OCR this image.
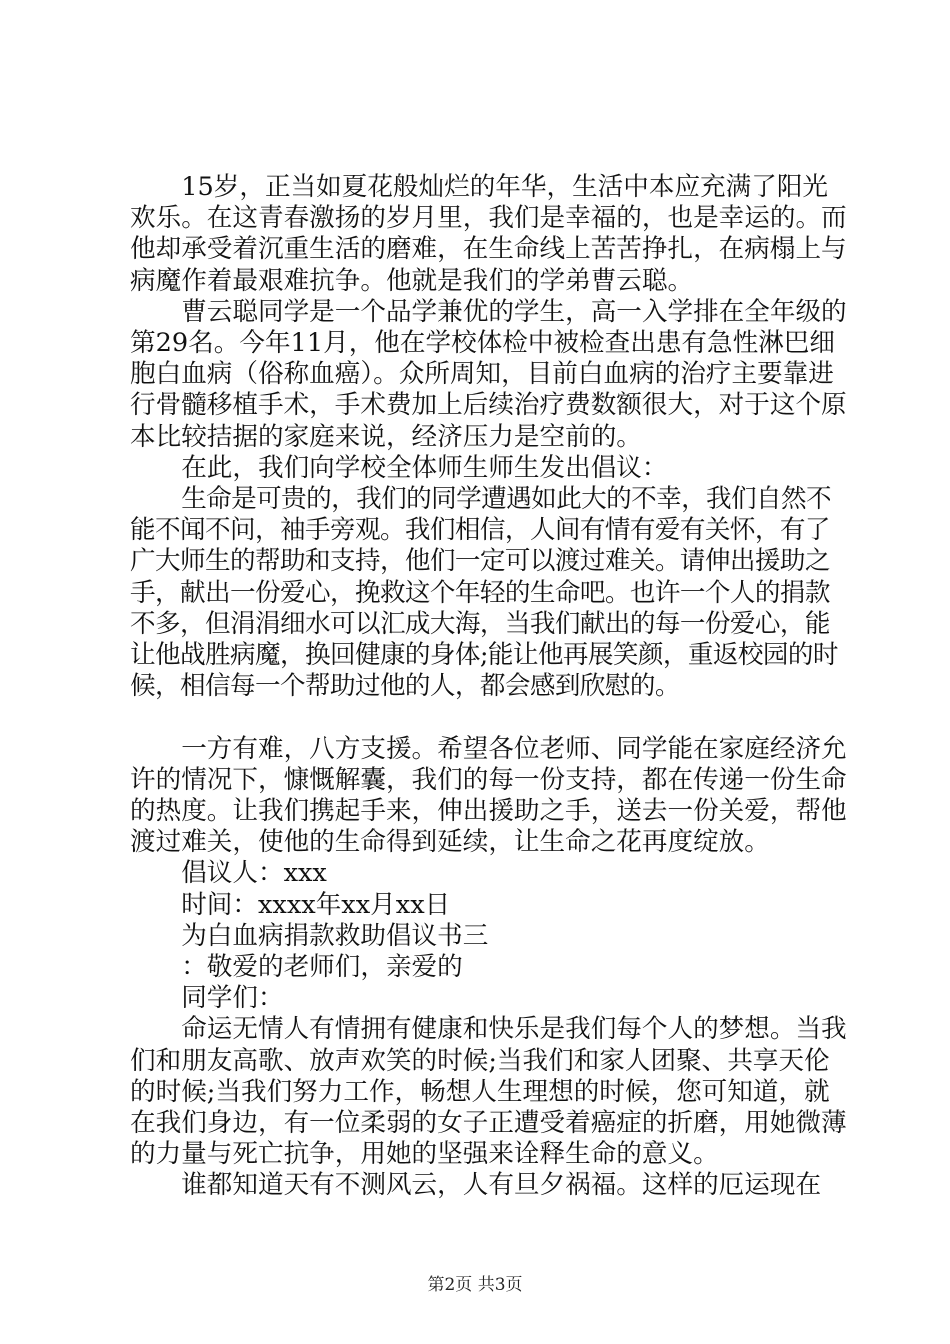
15岁，正当如夏花般灿烂的年华，生活中本应充满了阳光欢乐。在这青春激扬的岁月里，我们是幸福的，也是幸运的。而他却承受着沉重生活的磨难，在生命线上苦苦挣扎，在病榻上与病魔作着最艰难抗争。他就是我们的学弟曹云聪。

曹云聪同学是一个品学兼优的学生，高一入学排在全年级的第29名。今年11月，他在学校体检中被检查出患有急性淋巴细胞白血病（俗称血癌）。众所周知，目前白血病的治疗主要靠进行骨髓移植手术，手术费加上后续治疗费数额很大，对于这个原本比较拮据的家庭来说，经济压力是空前的。

在此，我们向学校全体师生师生发出倡议：

生命是可贵的，我们的同学遭遇如此大的不幸，我们自然不能不闻不问，袖手旁观。我们相信，人间有情有爱有关怀，有了广大师生的帮助和支持，他们一定可以渡过难关。请伸出援助之手，献出一份爱心，挽救这个年轻的生命吧。也许一个人的捐款不多，但涓涓细水可以汇成大海，当我们献出的每一份爱心，能让他战胜病魔，换回健康的身体;能让他再展笑颜，重返校园的时候，相信每一个帮助过他的人，都会感到欣慰的。

一方有难，八方支援。希望各位老师、同学能在家庭经济允许的情况下，慷慨解囊，我们的每一份支持，都在传递一份生命的热度。让我们携起手来，伸出援助之手，送去一份关爱，帮他渡过难关，使他的生命得到延续，让生命之花再度绽放。

倡议人：xxx

时间：xxxx年xx月xx日

为白血病捐款救助倡议书三

：敬爱的老师们，亲爱的

同学们：

命运无情人有情拥有健康和快乐是我们每个人的梦想。当我们和朋友高歌、放声欢笑的时候;当我们和家人团聚、共享天伦的时候;当我们努力工作，畅想人生理想的时候，您可知道，就在我们身边，有一位柔弱的女子正遭受着癌症的折磨，用她微薄的力量与死亡抗争，用她的坚强来诠释生命的意义。

谁都知道天有不测风云，人有旦夕祸福。这样的厄运现在

第2页 共3页
